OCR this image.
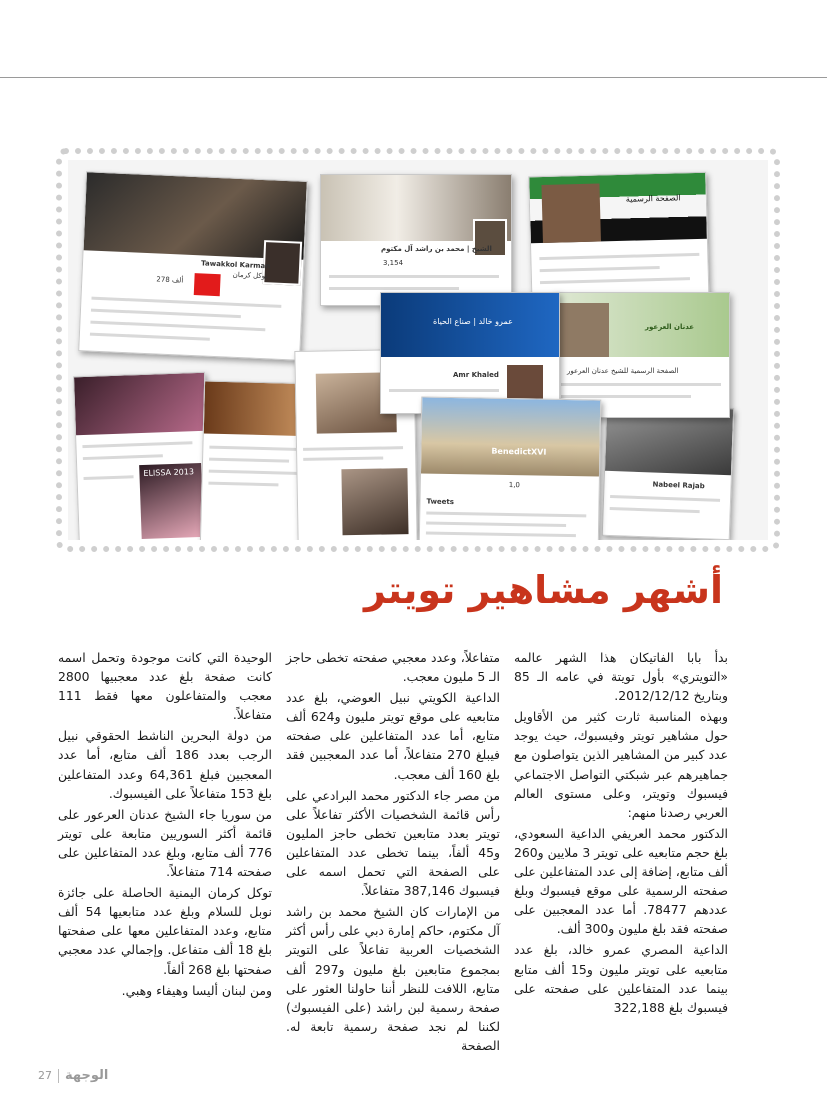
Tawakkol Karman
توكل كرمان
278 ألف
الشيخ | محمد بن راشد آل مكتوم
3,154
الصفحة الرسمية
عمرو خالد | صناع الحياة
Amr Khaled
عدنان العرعور
الصفحة الرسمية للشيخ عدنان العرعور
ELISSA 2013
BenedictXVI
1,0
Tweets
Nabeel Rajab
أشهر مشاهير تويتر

بدأ بابا الفاتيكان هذا الشهر عالمه «التويتري» بأول تويتة في عامه الـ 85 وبتاريخ 2012/12/12.

وبهذه المناسبة ثارت كثير من الأقاويل حول مشاهير تويتر وفيسبوك، حيث يوجد عدد كبير من المشاهير الذين يتواصلون مع جماهيرهم عبر شبكتي التواصل الاجتماعي فيسبوك وتويتر، وعلى مستوى العالم العربي رصدنا منهم:

الدكتور محمد العريفي الداعية السعودي، بلغ حجم متابعيه على تويتر 3 ملايين و260 ألف متابع، إضافة إلى عدد المتفاعلين على صفحته الرسمية على موقع فيسبوك وبلغ عددهم 78477. أما عدد المعجبين على صفحته فقد بلغ مليون و300 ألف.

الداعية المصري عمرو خالد، بلغ عدد متابعيه على تويتر مليون و15 ألف متابع بينما عدد المتفاعلين على صفحته على فيسبوك بلغ 322,188

متفاعلاً، وعدد معجبي صفحته تخطى حاجز الـ 5 مليون معجب.

الداعية الكويتي نبيل العوضي، بلغ عدد متابعيه على موقع تويتر مليون و624 ألف متابع، أما عدد المتفاعلين على صفحته فيبلغ 270 متفاعلاً، أما عدد المعجبين فقد بلغ 160 ألف معجب.

من مصر جاء الدكتور محمد البرادعي على رأس قائمة الشخصيات الأكثر تفاعلاً على تويتر بعدد متابعين تخطى حاجز المليون و45 ألفاً، بينما تخطى عدد المتفاعلين على الصفحة التي تحمل اسمه على فيسبوك 387,146 متفاعلاً.

من الإمارات كان الشيخ محمد بن راشد آل مكتوم، حاكم إمارة دبي على رأس أكثر الشخصيات العربية تفاعلاً على التويتر بمجموع متابعين بلغ مليون و297 ألف متابع، اللافت للنظر أننا حاولنا العثور على صفحة رسمية لبن راشد (على الفيسبوك) لكننا لم نجد صفحة رسمية تابعة له. الصفحة

الوحيدة التي كانت موجودة وتحمل اسمه كانت صفحة بلغ عدد معجبيها 2800 معجب والمتفاعلون معها فقط 111 متفاعلاً.

من دولة البحرين الناشط الحقوقي نبيل الرجب بعدد 186 ألف متابع، أما عدد المعجبين فبلغ 64,361 وعدد المتفاعلين بلغ 153 متفاعلاً على الفيسبوك.

من سوريا جاء الشيخ عدنان العرعور على قائمة أكثر السوريين متابعة على تويتر 776 ألف متابع، وبلغ عدد المتفاعلين على صفحته 714 متفاعلاً.

توكل كرمان اليمنية الحاصلة على جائزة نوبل للسلام وبلغ عدد متابعيها 54 ألف متابع، وعدد المتفاعلين معها على صفحتها بلغ 18 ألف متفاعل. وإجمالي عدد معجبي صفحتها بلغ 268 ألفاً.

ومن لبنان أليسا وهيفاء وهبي.

27 الوجهة
